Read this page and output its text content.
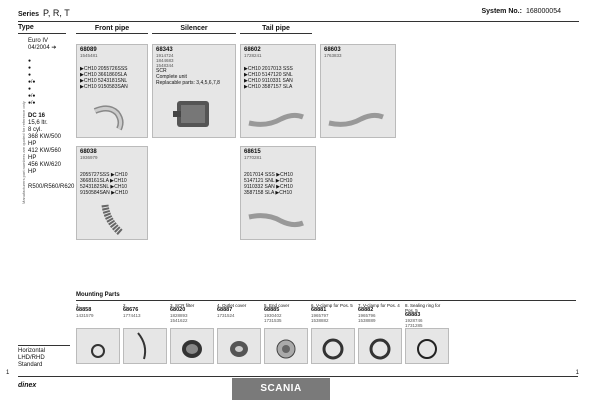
Series P, R, T	System No.: 168000054
Type
Euro IV
04/2004 ➔
●
●
●
●/●
●
●/●
●/●
DC 16
15,6 ltr.
8 cyl.
368 KW/500 HP
412 KW/560 HP
456 KW/620 HP
R500/R560/R620
Manufacturers part numbers are quoted for reference only
Front pipe	Silencer	Tail pipe
68089
1545481
▶CH10 2055726SSS
▶CH10 3661860SLA
▶CH10 5243181SNL
▶CH10 9150583SAN
68343
1914724
1844683
1548344
SCR
Complete unit
Replacable parts: 3,4,5,6,7,8
68602
1728241
▶CH10 2017013 SSS
▶CH10 5147120 SNL
▶CH10 9110331 SAN
▶CH10 3587157 SLA
68603
1763833
68038
1936979
2055727SSS ▶CH10
3668161SLA ▶CH10
5243182SNL ▶CH10
9150584SAN ▶CH10
68615
1770281
2017014 SSS ▶CH10
5147121 SNL ▶CH10
9110332 SAN ▶CH10
3587158 SLA ▶CH10
Mounting Parts
1.
68858
1431579
2.
68676
1774413
3. SCR filter
68020
1828893
1541622
4. Outlet cover
68887
1731524
5. End cover
68885
1930402
1731535
6. V-clamp for Pos. 5
68881
1965797
1538882
7. V-clamp for Pos. 4
68882
1965796
1538889
8. Sealing ring for Pos. 5
68883
1928746
1731285
Horizontal
LHD/RHD
Standard
dinex	SCANIA
1
1
